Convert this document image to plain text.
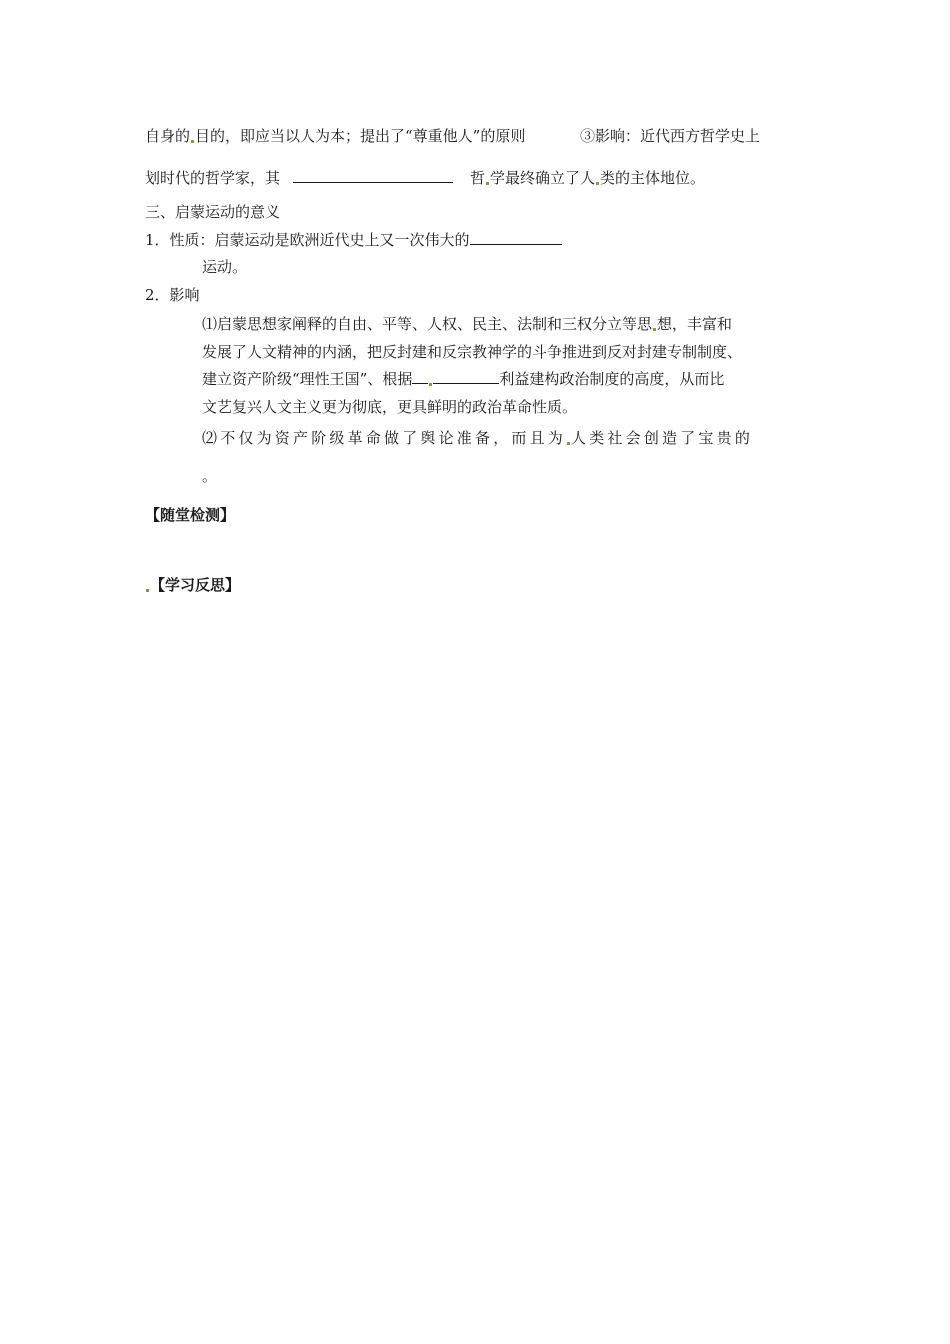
自身的 目的，即应当以人为本；提出了“尊重他人”的原则	③影响：近代西方哲学史上
划时代的哲学家，其	哲 学最终确立了人 类的主体地位。
三、启蒙运动的意义
1．性质：启蒙运动是欧洲近代史上又一次伟大的
运动。
2．影响
⑴启蒙思想家阐释的自由、平等、人权、民主、法制和三权分立等思 想，丰富和
发展了人文精神的内涵，把反封建和反宗教神学的斗争推进到反对封建专制制度、
建立资产阶级“理性王国”、根据	利益建构政治制度的高度，从而比
文艺复兴人文主义更为彻底，更具鲜明的政治革命性质。
⑵不仅为资产阶级革命做了舆论准备，而且为 人类社会创造了宝贵的
。
【随堂检测】
【学习反思】
